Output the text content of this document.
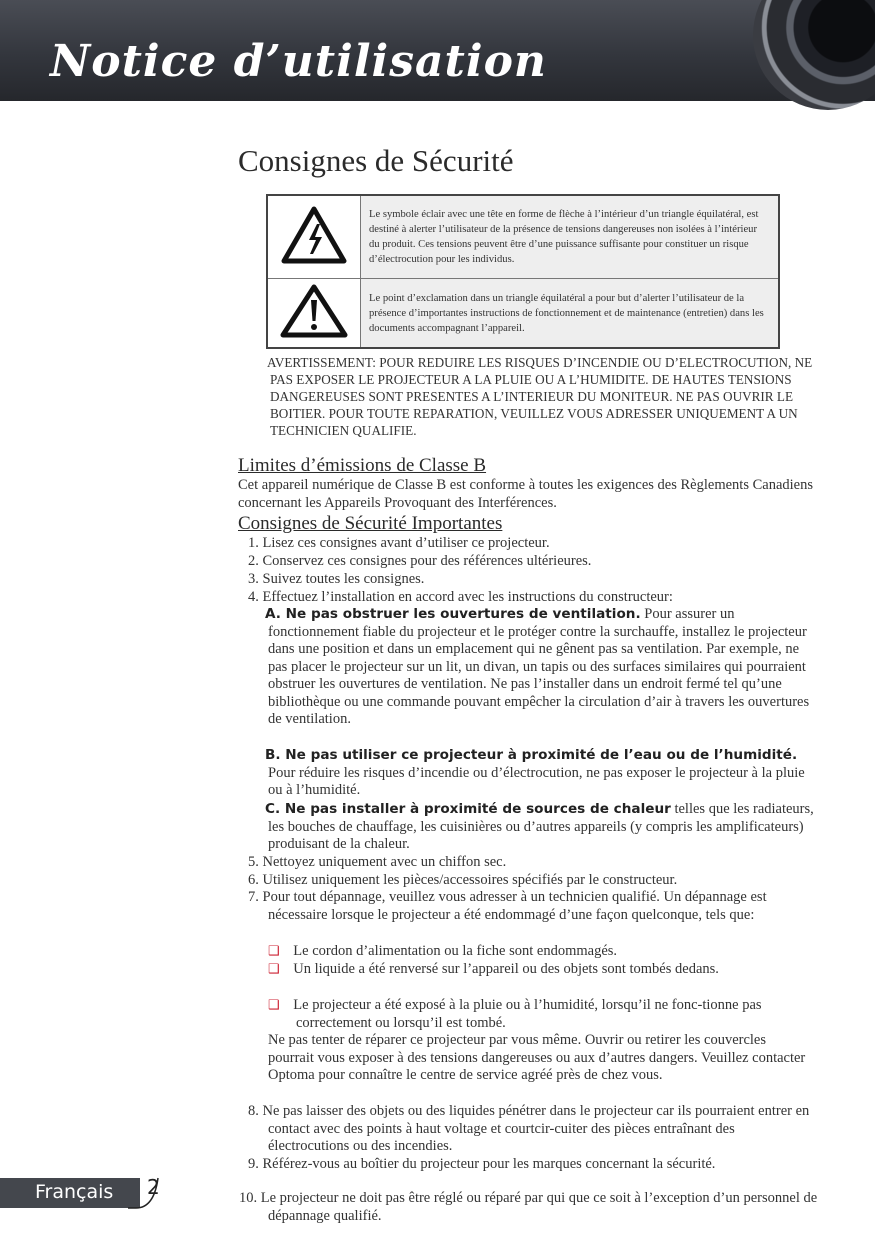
Notice d’utilisation
Consignes de Sécurité
	Le symbole éclair avec une tête en forme de flèche à l’intérieur d’un triangle équilatéral, est destiné à alerter l’utilisateur de la présence de tensions dangereuses non isolées à l’intérieur du produit. Ces tensions peuvent être d’une puissance suffisante pour constituer un risque d’électrocution pour les individus.
	Le point d’exclamation dans un triangle équilatéral a pour but d’alerter l’utilisateur de la présence d’importantes instructions de fonctionnement et de maintenance (entretien) dans les documents accompagnant l’appareil.
AVERTISSEMENT: POUR REDUIRE LES RISQUES D’INCENDIE OU D’ELECTROCUTION, NE PAS EXPOSER LE PROJECTEUR A LA PLUIE OU A L’HUMIDITE. DE HAUTES TENSIONS DANGEREUSES SONT PRESENTES A L’INTERIEUR DU MONITEUR. NE PAS OUVRIR LE BOITIER. POUR TOUTE REPARATION, VEUILLEZ VOUS ADRESSER UNIQUEMENT A UN TECHNICIEN QUALIFIE.
Limites d’émissions de Classe B
Cet appareil numérique de Classe B est conforme à toutes les exigences des Règlements Canadiens concernant les Appareils Provoquant des Interférences.
Consignes de Sécurité Importantes
1. Lisez ces consignes avant d’utiliser ce projecteur.
2. Conservez ces consignes pour des références ultérieures.
3. Suivez toutes les consignes.
4. Effectuez l’installation en accord avec les instructions du constructeur:
A. Ne pas obstruer les ouvertures de ventilation. Pour assurer un fonctionnement fiable du projecteur et le protéger contre la surchauffe, installez le projecteur dans une position et dans un emplacement qui ne gênent pas sa ventilation. Par exemple, ne pas placer le projecteur sur un lit, un divan, un tapis ou des surfaces similaires qui pourraient obstruer les ouvertures de ventilation. Ne pas l’installer dans un endroit fermé tel qu’une bibliothèque ou une commande pouvant empêcher la circulation d’air à travers les ouvertures de ventilation.
B. Ne pas utiliser ce projecteur à proximité de l’eau ou de l’humidité. Pour réduire les risques d’incendie ou d’électrocution, ne pas exposer le projecteur à la pluie ou à l’humidité.
C. Ne pas installer à proximité de sources de chaleur telles que les radiateurs, les bouches de chauffage, les cuisinières ou d’autres appareils (y compris les amplificateurs) produisant de la chaleur.
5. Nettoyez uniquement avec un chiffon sec.
6. Utilisez uniquement les pièces/accessoires spécifiés par le constructeur.
7. Pour tout dépannage, veuillez vous adresser à un technicien qualifié. Un dépannage est nécessaire lorsque le projecteur a été endommagé d’une façon quelconque, tels que:
❑ Le cordon d’alimentation ou la fiche sont endommagés.
❑ Un liquide a été renversé sur l’appareil ou des objets sont tombés dedans.
❑ Le projecteur a été exposé à la pluie ou à l’humidité, lorsqu’il ne fonc-tionne pas correctement ou lorsqu’il est tombé.
Ne pas tenter de réparer ce projecteur par vous même. Ouvrir ou retirer les couvercles pourrait vous exposer à des tensions dangereuses ou aux d’autres dangers. Veuillez contacter Optoma pour connaître le centre de service agréé près de chez vous.
8. Ne pas laisser des objets ou des liquides pénétrer dans le projecteur car ils pourraient entrer en contact avec des points à haut voltage et courtcir-cuiter des pièces entraînant des électrocutions ou des incendies.
9. Référez-vous au boîtier du projecteur pour les marques concernant la sécurité.
10. Le projecteur ne doit pas être réglé ou réparé par qui que ce soit à l’exception d’un personnel de dépannage qualifié.
Français 2
